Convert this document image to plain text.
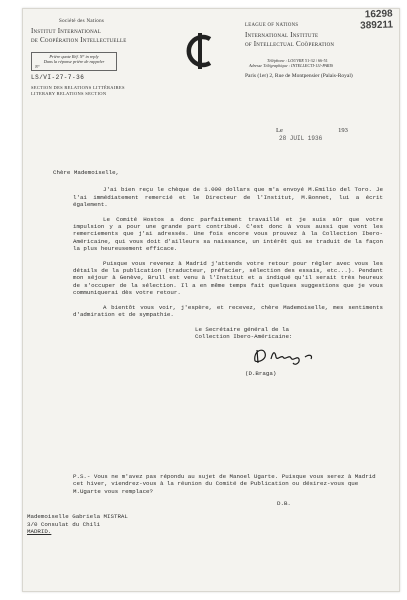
16298
389211
Société des Nations
Institut International
de Coopération Intellectuelle
Prière quote Réf. N° in reply
Dans la réponse prière de rappeler
N°
LS/VI-27-7-36
SECTION DES RELATIONS LITTÉRAIRES
LITERARY RELATIONS SECTION
LEAGUE OF NATIONS
International Institute
of Intellectual Coöperation
Téléphone : LOUVRE 51-32 / 66-51
Adresse Télégraphique : INTELLECTI-111-PARIS
Paris (1er) 2, Rue de Montpensier (Palais-Royal)
Le	193
28 JUIL 1936

Chère Mademoiselle,

J'ai bien reçu le chèque de 1.000 dollars que m'a envoyé M.Emilio del Toro. Je l'ai immédiatement remercié et le Directeur de l'Institut, M.Bonnet, lui a écrit également.

Le Comité Hostos a donc parfaitement travaillé et je suis sûr que votre impulsion y a pour une grande part contribué. C'est donc à vous aussi que vont les remerciements que j'ai adressés. Une fois encore vous prouvez à la Collection Ibero-Américaine, qui vous doit d'ailleurs sa naissance, un intérêt qui se traduit de la façon la plus heureusement efficace.

Puisque vous revenez à Madrid j'attends votre retour pour régler avec vous les détails de la publication (traducteur, préfacier, sélection des essais, etc...). Pendant mon séjour à Genève, Brull est venu à l'Institut et a indiqué qu'il serait très heureux de s'occuper de la sélection. Il a en même temps fait quelques suggestions que je vous communiquerai dès votre retour.

A bientôt vous voir, j'espère, et recevez, chère Mademoiselle, mes sentiments d'admiration et de sympathie.

Le Secrétaire général de la
Collection Ibero-Américaine:
(D.Braga)
P.S.- Vous ne m'avez pas répondu au sujet de Manoel Ugarte. Puisque vous serez à Madrid cet hiver, viendrez-vous à la réunion du Comité de Publication ou désirez-vous que M.Ugarte vous remplace?
D.B.
Mademoiselle Gabriela MISTRAL
3/0 Consulat du Chili
MADRID.
